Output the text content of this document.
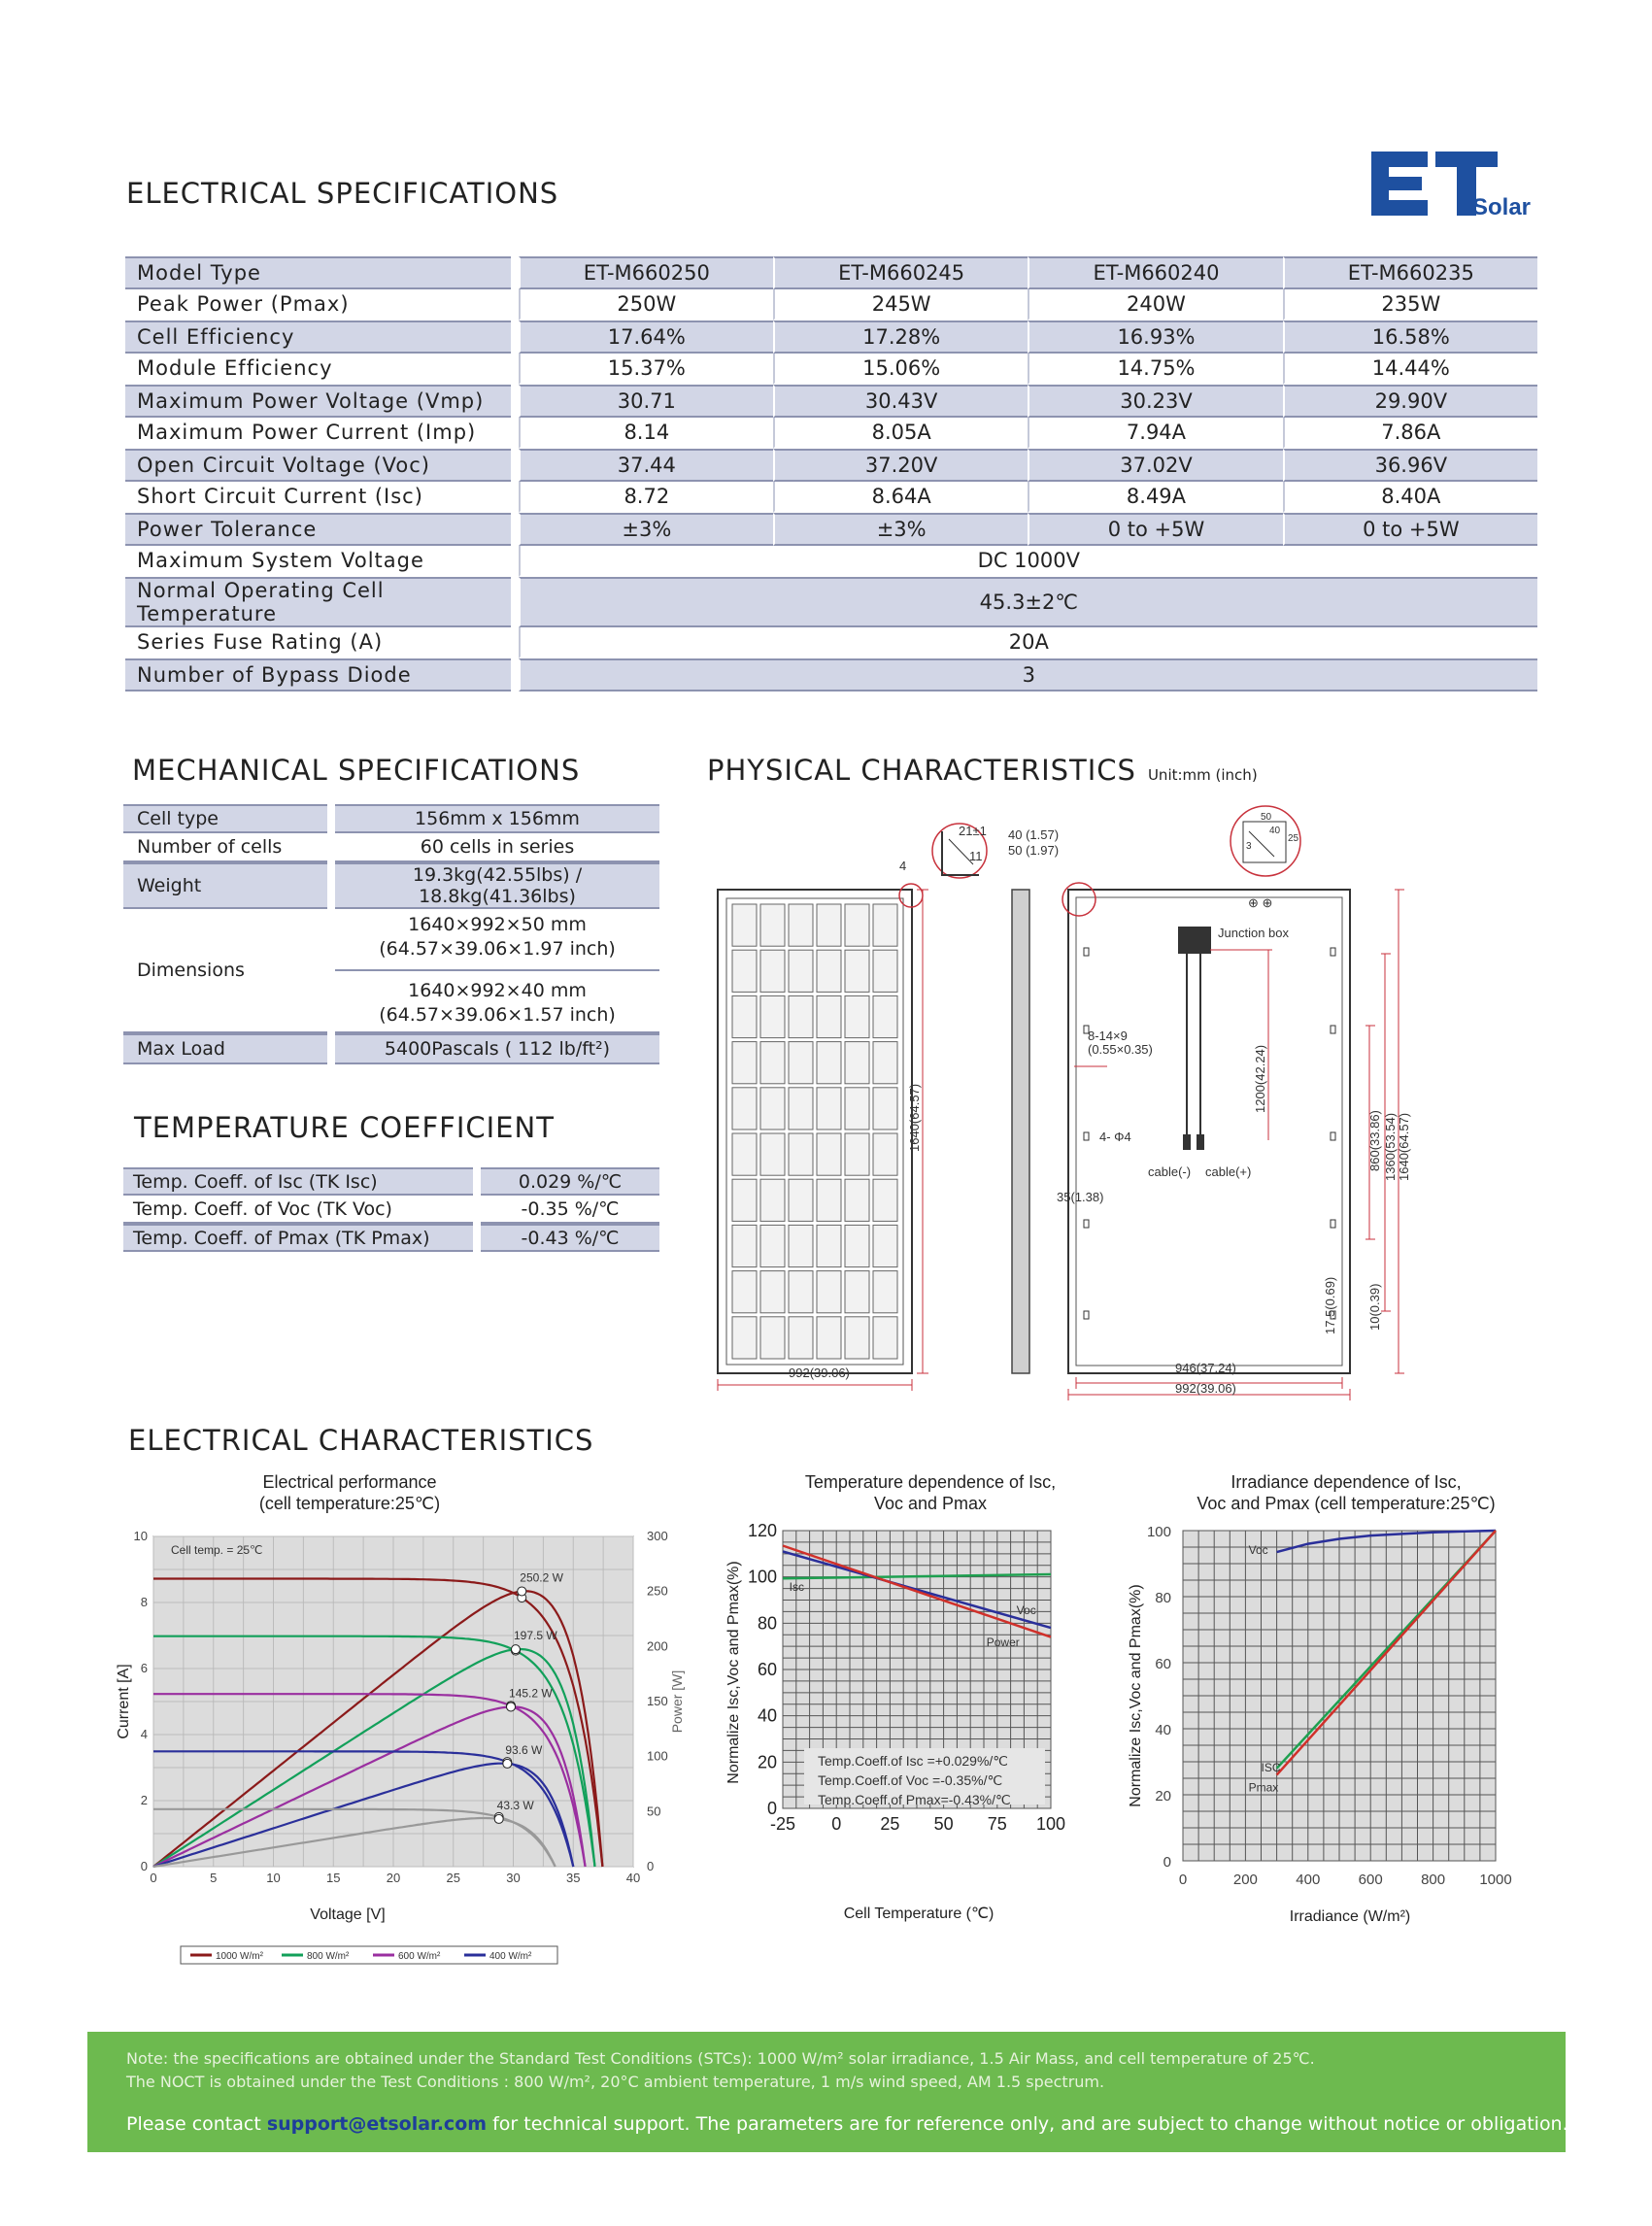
ELECTRICAL SPECIFICATIONS	Solar
Model Type		ET-M660250	ET-M660245	ET-M660240	ET-M660235
Peak Power (Pmax)		250W	245W	240W	235W
Cell Efficiency		17.64%	17.28%	16.93%	16.58%
Module Efficiency		15.37%	15.06%	14.75%	14.44%
Maximum Power Voltage (Vmp)		30.71	30.43V	30.23V	29.90V
Maximum Power Current (Imp)		8.14	8.05A	7.94A	7.86A
Open Circuit Voltage (Voc)		37.44	37.20V	37.02V	36.96V
Short Circuit Current (Isc)		8.72	8.64A	8.49A	8.40A
Power Tolerance		±3%	±3%	0 to +5W	0 to +5W
Maximum System Voltage		DC 1000V			
Normal Operating Cell Temperature		45.3±2℃			
Series Fuse Rating (A)		20A			
Number of Bypass Diode		3			
MECHANICAL SPECIFICATIONS
Cell type		156mm x 156mm
Number of cells		60 cells in series
Weight		19.3kg(42.55lbs) / 18.8kg(41.36lbs)
Dimensions		1640×992×50 mm
(64.57×39.06×1.97 inch)
1640×992×40 mm
(64.57×39.06×1.57 inch)

Max Load		5400Pascals ( 112 lb/ft²)
TEMPERATURE COEFFICIENT
Temp. Coeff. of Isc (TK Isc)		0.029 %/℃
Temp. Coeff. of Voc (TK Voc)		-0.35 %/℃
Temp. Coeff. of Pmax (TK Pmax)		-0.43 %/℃
PHYSICAL CHARACTERISTICS Unit:mm (inch)
21±1
11
4
1640(64.57)
992(39.06)
40 (1.57)
50 (1.97)
50
40
25
3
Junction box
cable(-) cable(+)
1200(42.24)
⊕ ⊕
8-14×9
(0.55×0.35)
4- Φ4
35(1.38)
860(33.86) 1360(53.54) 1640(64.57)
17.5(0.69) 10(0.39)
946(37.24)
992(39.06)
ELECTRICAL CHARACTERISTICS
Electrical performance
(cell temperature:25℃)
250.2 W
197.5 W
145.2 W
93.6 W
43.3 W
0	5	10	15	20	25	30	35	40
0
2
4
6
8
10
0
50
100
150
200
250
300
Cell temp. = 25℃
Voltage [V]
Current [A]	Power [W]
1000 W/m²	800 W/m²	600 W/m²	400 W/m²
Temperature dependence of Isc,
Voc and Pmax
Isc
Voc
Power
-25 0 25 50 75 100
0
20
40
60
80
100
120
Temp.Coeff.of Isc =+0.029%/℃
Temp.Coeff.of Voc =-0.35%/℃
Temp.Coeff.of Pmax=-0.43%/℃
Cell Temperature (℃)
Normalize Isc,Voc and Pmax(%)
Irradiance dependence of Isc,
Voc and Pmax (cell temperature:25℃)
Voc
ISC
Pmax
0	200	400	600	800 1000
0
20
40
60
80
100
Irradiance (W/m²)
Normalize Isc,Voc and Pmax(%)
Note: the specifications are obtained under the Standard Test Conditions (STCs): 1000 W/m² solar irradiance, 1.5 Air Mass, and cell temperature of 25℃.
The NOCT is obtained under the Test Conditions : 800 W/m², 20°C ambient temperature, 1 m/s wind speed, AM 1.5 spectrum.
Please contact support@etsolar.com for technical support. The parameters are for reference only, and are subject to change without notice or obligation.
